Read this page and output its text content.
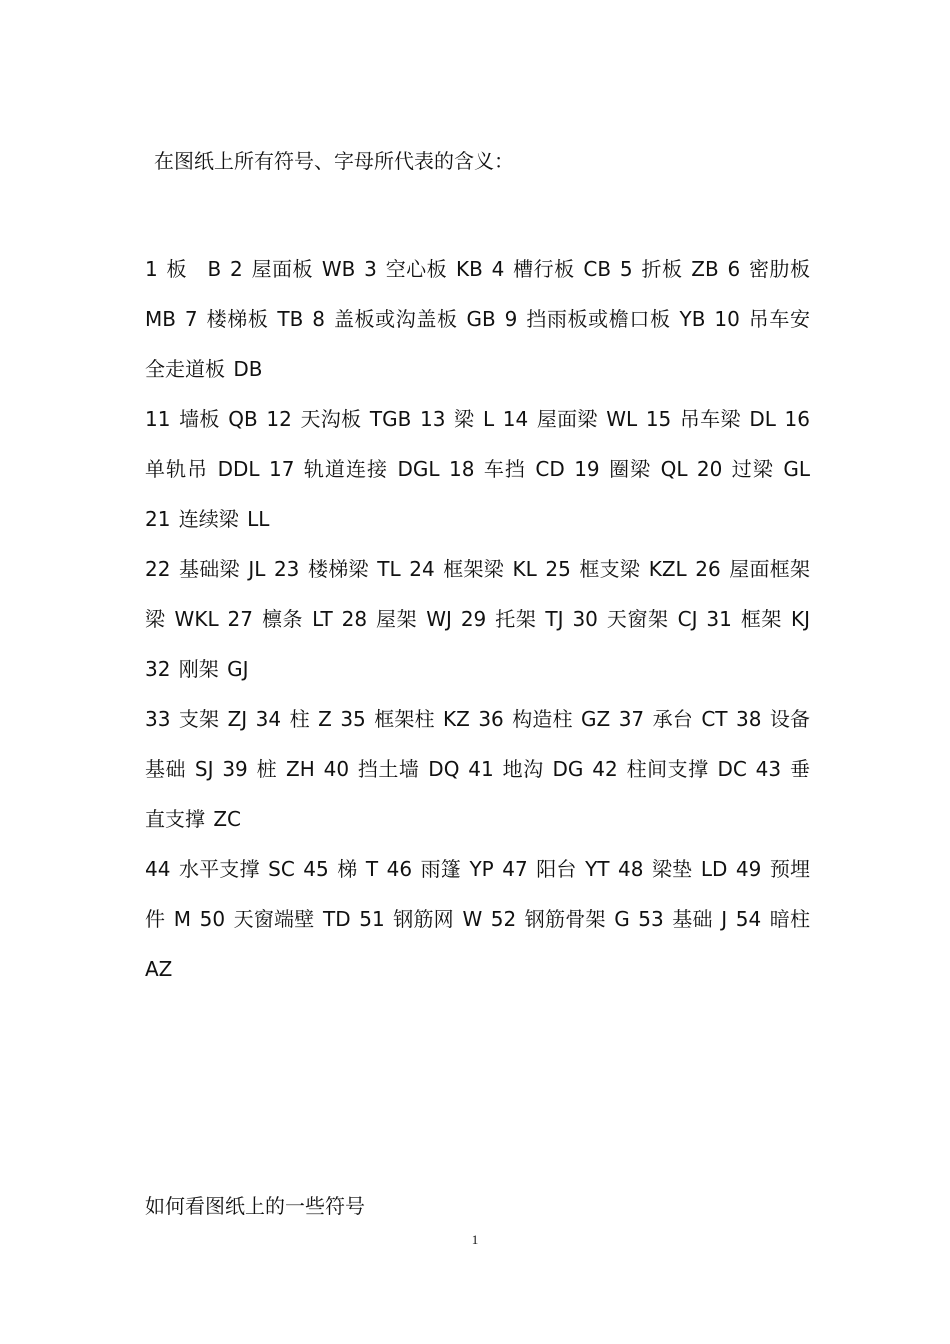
在图纸上所有符号、字母所代表的含义：

1 板　B 2 屋面板 WB 3 空心板 KB 4 槽行板 CB 5 折板 ZB 6 密肋板 MB 7 楼梯板 TB 8 盖板或沟盖板 GB 9 挡雨板或檐口板 YB 10 吊车安全走道板 DB

11 墙板 QB 12 天沟板 TGB 13 梁 L 14 屋面梁 WL 15 吊车梁 DL 16 单轨吊 DDL 17 轨道连接 DGL 18 车挡 CD 19 圈梁 QL 20 过梁 GL 21 连续梁 LL

22 基础梁 JL 23 楼梯梁 TL 24 框架梁 KL 25 框支梁 KZL 26 屋面框架梁 WKL 27 檩条 LT 28 屋架 WJ 29 托架 TJ 30 天窗架 CJ 31 框架 KJ 32 刚架 GJ

33 支架 ZJ 34 柱 Z 35 框架柱 KZ 36 构造柱 GZ 37 承台 CT 38 设备基础 SJ 39 桩 ZH 40 挡土墙 DQ 41 地沟 DG 42 柱间支撑 DC 43 垂直支撑 ZC

44 水平支撑 SC 45 梯 T 46 雨篷 YP 47 阳台 YT 48 梁垫 LD 49 预埋件 M 50 天窗端壁 TD 51 钢筋网 W 52 钢筋骨架 G 53 基础 J 54 暗柱 AZ

如何看图纸上的一些符号
1
